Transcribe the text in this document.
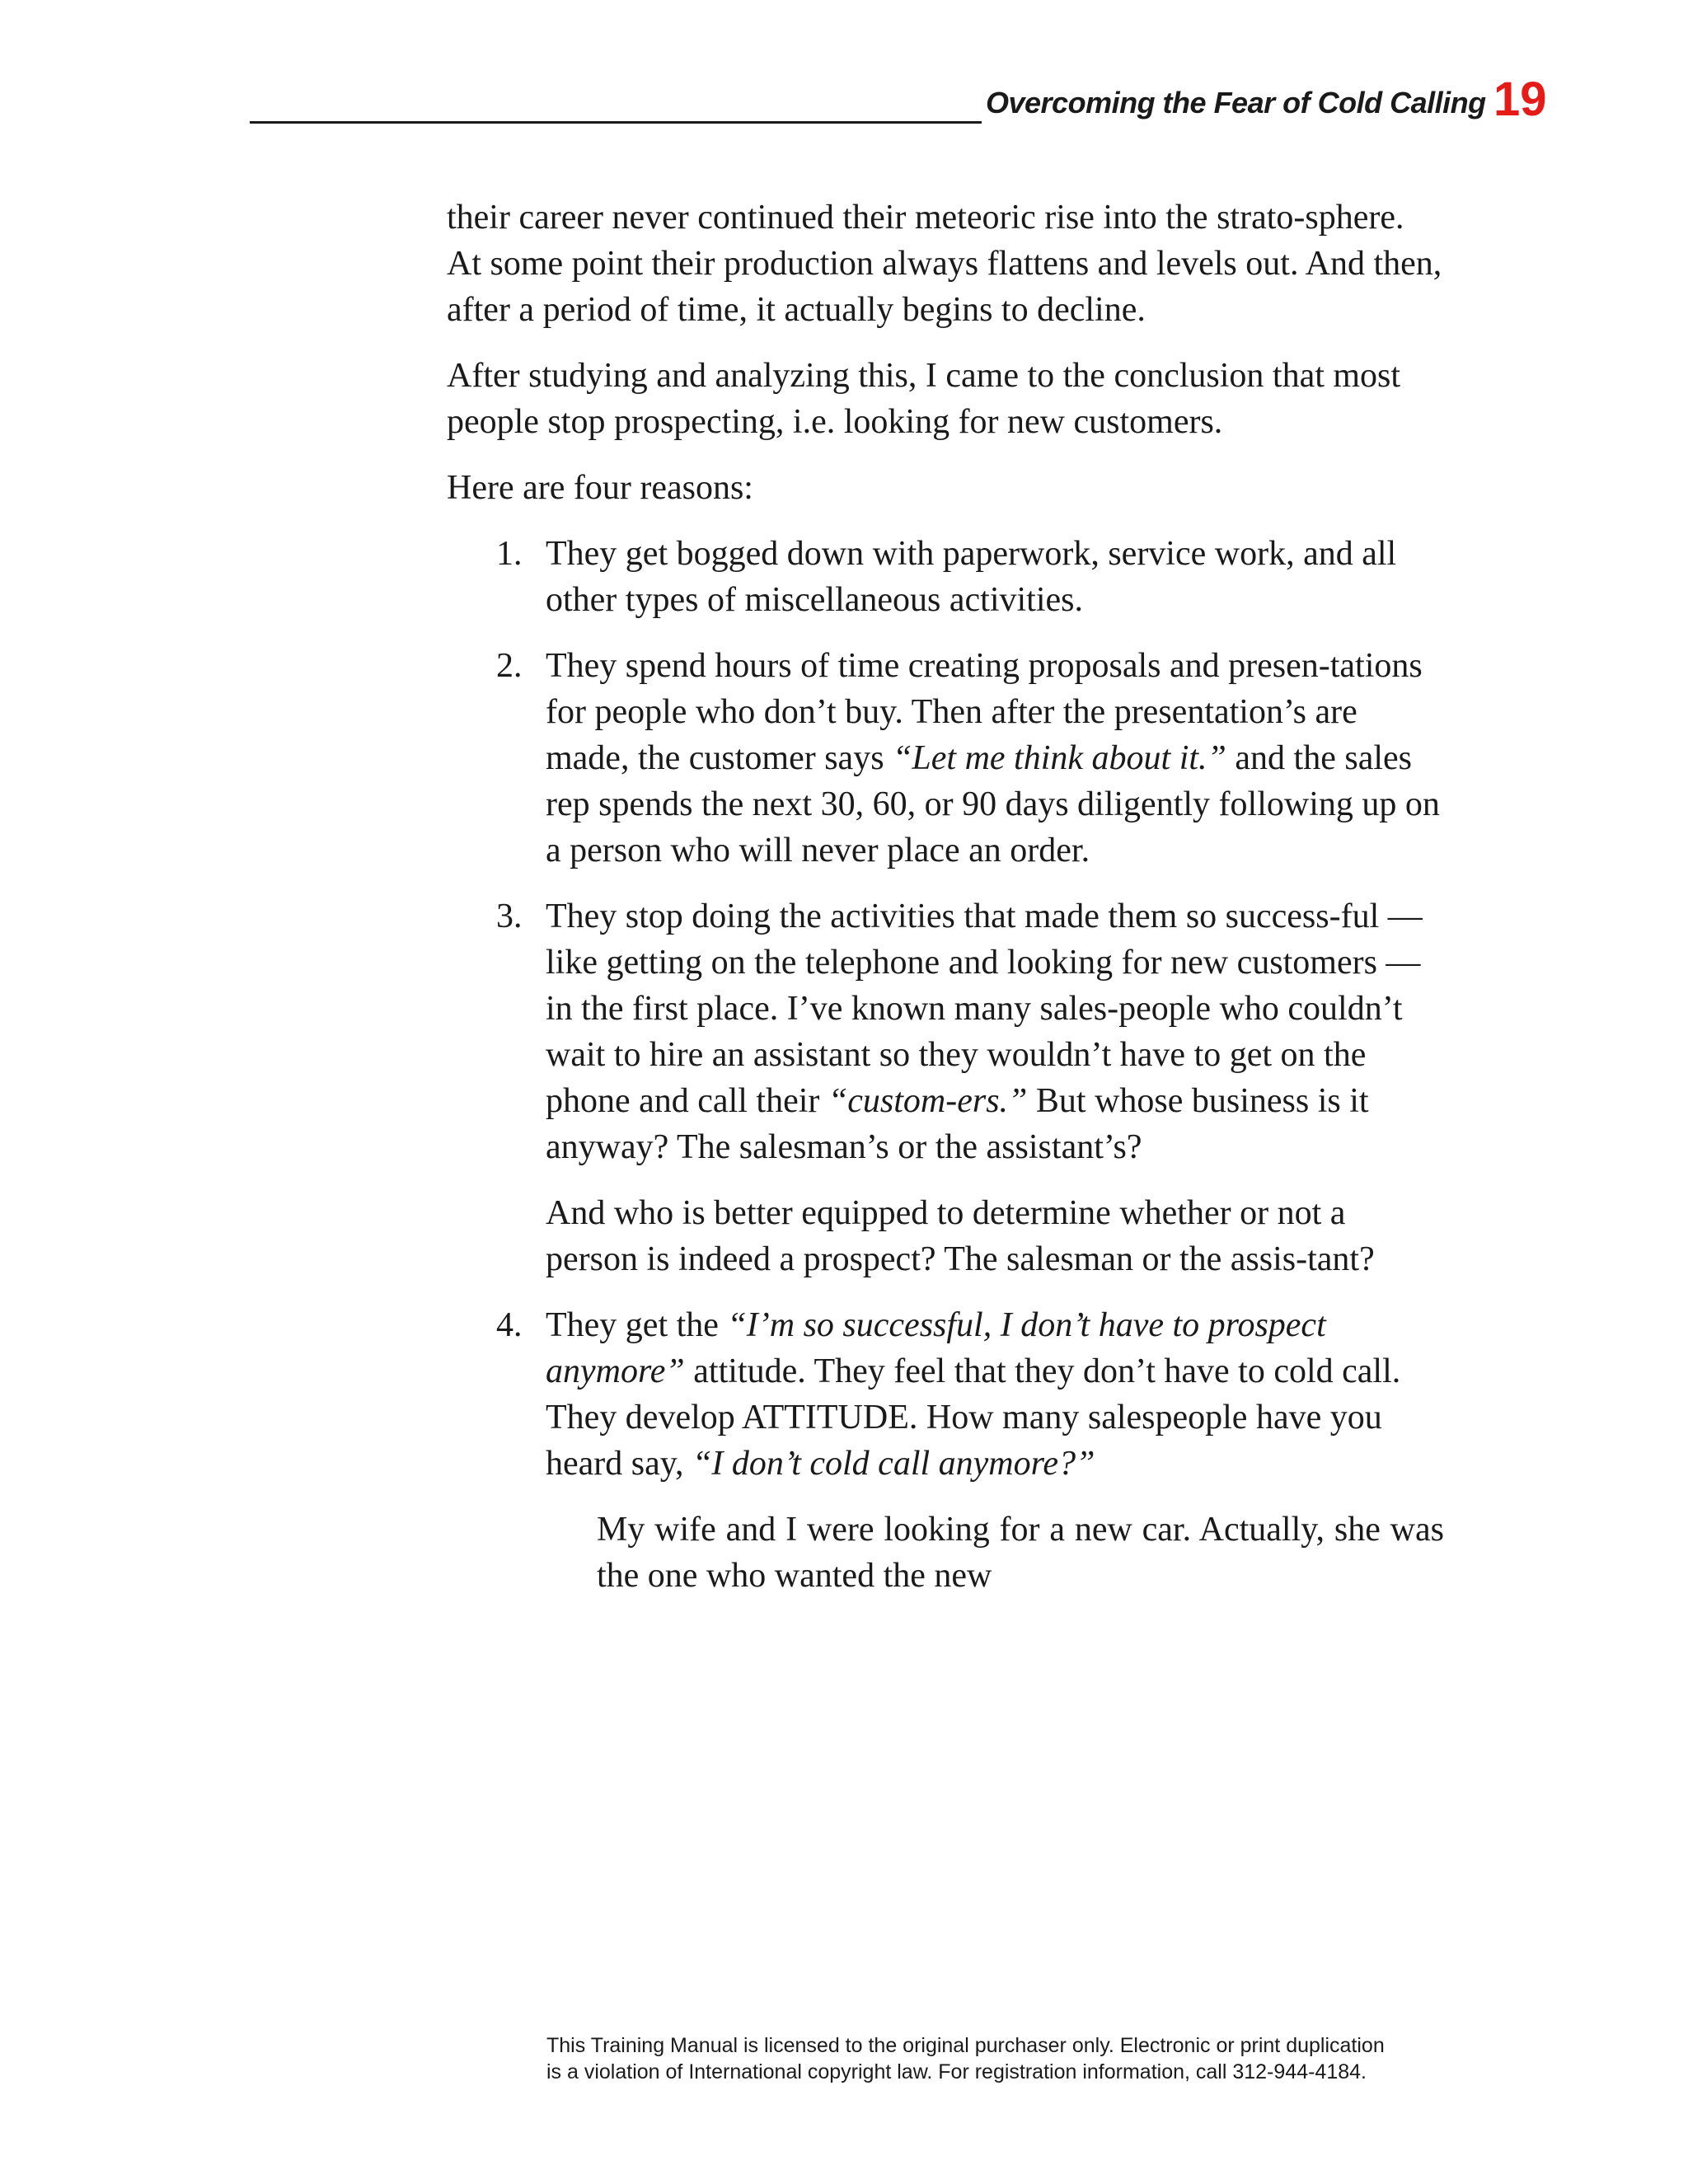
Overcoming the Fear of Cold Calling 19

their career never continued their meteoric rise into the strato-sphere. At some point their production always flattens and levels out. And then, after a period of time, it actually begins to decline.

After studying and analyzing this, I came to the conclusion that most people stop prospecting, i.e. looking for new customers.

Here are four reasons:

1. They get bogged down with paperwork, service work, and all other types of miscellaneous activities.
2. They spend hours of time creating proposals and presen-tations for people who don’t buy. Then after the presentation’s are made, the customer says “Let me think about it.” and the sales rep spends the next 30, 60, or 90 days diligently following up on a person who will never place an order.
3. They stop doing the activities that made them so success-ful — like getting on the telephone and looking for new customers — in the first place. I’ve known many sales-people who couldn’t wait to hire an assistant so they wouldn’t have to get on the phone and call their “custom-ers.” But whose business is it anyway? The salesman’s or the assistant’s?

And who is better equipped to determine whether or not a person is indeed a prospect? The salesman or the assis-tant?

4. They get the “I’m so successful, I don’t have to prospect anymore” attitude. They feel that they don’t have to cold call. They develop ATTITUDE. How many salespeople have you heard say, “I don’t cold call anymore?”

My wife and I were looking for a new car. Actually, she was the one who wanted the new

This Training Manual is licensed to the original purchaser only. Electronic or print duplication
is a violation of International copyright law. For registration information, call 312-944-4184.
